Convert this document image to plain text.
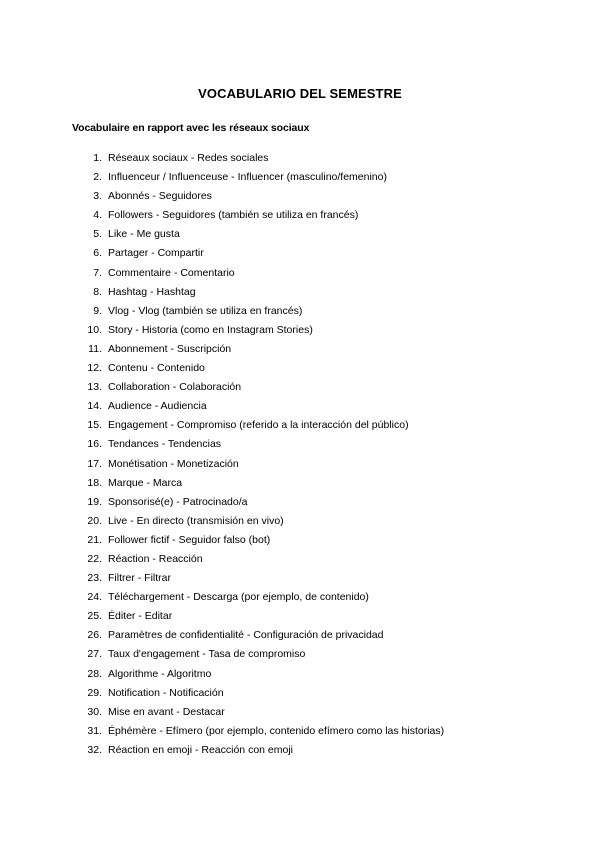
VOCABULARIO DEL SEMESTRE
Vocabulaire en rapport avec les réseaux sociaux
1. Réseaux sociaux - Redes sociales
2. Influenceur / Influenceuse - Influencer (masculino/femenino)
3. Abonnés - Seguidores
4. Followers - Seguidores (también se utiliza en francés)
5. Like - Me gusta
6. Partager - Compartir
7. Commentaire - Comentario
8. Hashtag - Hashtag
9. Vlog - Vlog (también se utiliza en francés)
10. Story - Historia (como en Instagram Stories)
11. Abonnement - Suscripción
12. Contenu - Contenido
13. Collaboration - Colaboración
14. Audience - Audiencia
15. Engagement - Compromiso (referido a la interacción del público)
16. Tendances - Tendencias
17. Monétisation - Monetización
18. Marque - Marca
19. Sponsorisé(e) - Patrocinado/a
20. Live - En directo (transmisión en vivo)
21. Follower fictif - Seguidor falso (bot)
22. Réaction - Reacción
23. Filtrer - Filtrar
24. Téléchargement - Descarga (por ejemplo, de contenido)
25. Éditer - Editar
26. Paramètres de confidentialité - Configuración de privacidad
27. Taux d'engagement - Tasa de compromiso
28. Algorithme - Algoritmo
29. Notification - Notificación
30. Mise en avant - Destacar
31. Éphémère - Efímero (por ejemplo, contenido efímero como las historias)
32. Réaction en emoji - Reacción con emoji
